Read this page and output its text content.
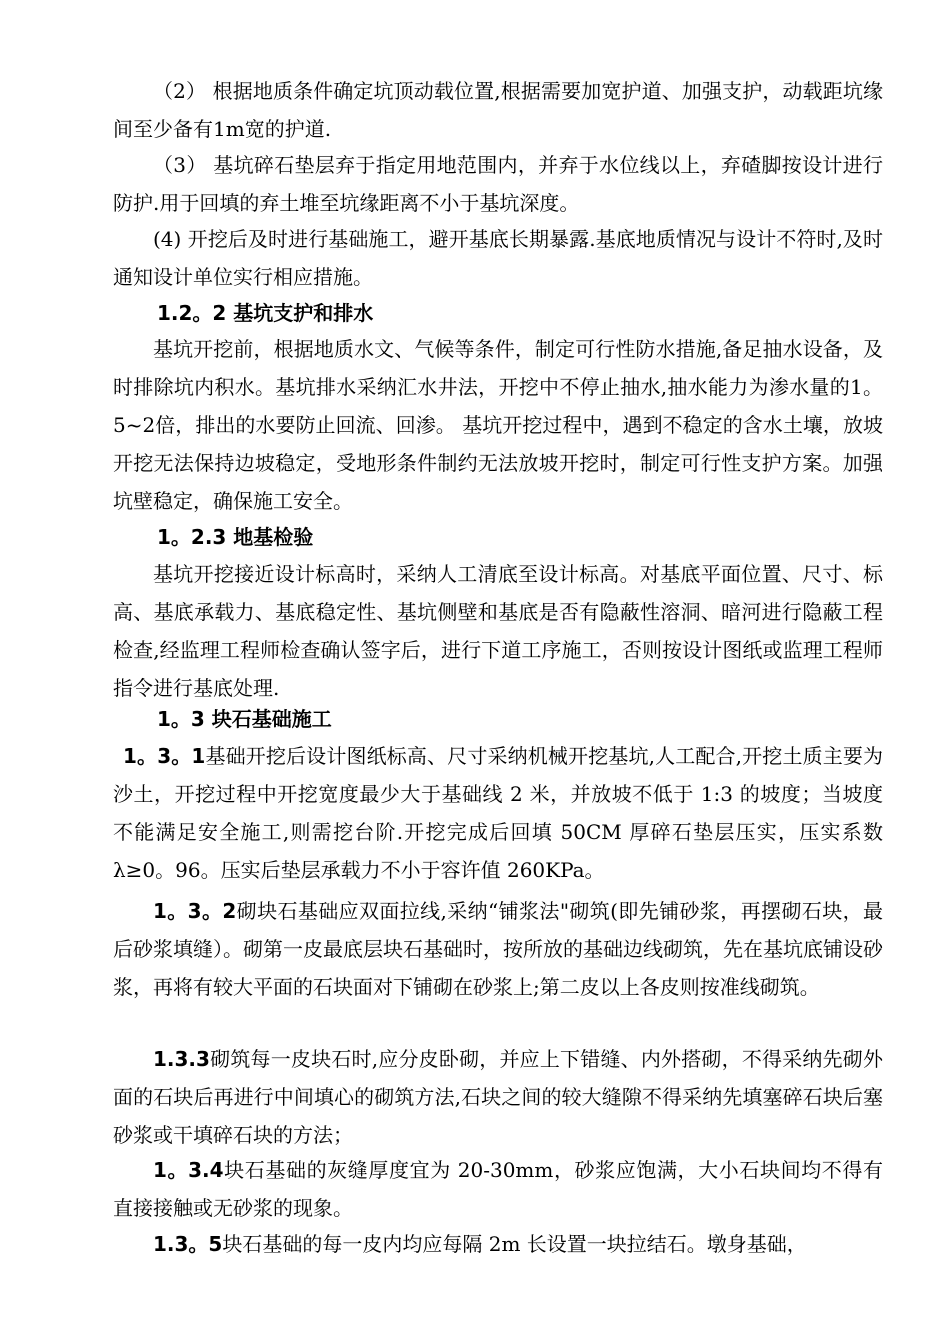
（2） 根据地质条件确定坑顶动载位置,根据需要加宽护道、加强支护，动载距坑缘间至少备有1m宽的护道.

（3） 基坑碎石垫层弃于指定用地范围内，并弃于水位线以上，弃碴脚按设计进行防护.用于回填的弃土堆至坑缘距离不小于基坑深度。

(4) 开挖后及时进行基础施工，避开基底长期暴露.基底地质情况与设计不符时,及时通知设计单位实行相应措施。

1.2。2 基坑支护和排水

基坑开挖前，根据地质水文、气候等条件，制定可行性防水措施,备足抽水设备，及时排除坑内积水。基坑排水采纳汇水井法，开挖中不停止抽水,抽水能力为渗水量的1。5~2倍，排出的水要防止回流、回渗。 基坑开挖过程中，遇到不稳定的含水土壤，放坡开挖无法保持边坡稳定，受地形条件制约无法放坡开挖时，制定可行性支护方案。加强坑壁稳定，确保施工安全。

1。2.3 地基检验

基坑开挖接近设计标高时，采纳人工清底至设计标高。对基底平面位置、尺寸、标高、基底承载力、基底稳定性、基坑侧壁和基底是否有隐蔽性溶洞、暗河进行隐蔽工程检查,经监理工程师检查确认签字后，进行下道工序施工，否则按设计图纸或监理工程师指令进行基底处理.

1。3 块石基础施工

1。3。1基础开挖后设计图纸标高、尺寸采纳机械开挖基坑,人工配合,开挖土质主要为沙土，开挖过程中开挖宽度最少大于基础线 2 米，并放坡不低于 1:3 的坡度；当坡度不能满足安全施工,则需挖台阶.开挖完成后回填 50CM 厚碎石垫层压实，压实系数 λ≥0。96。压实后垫层承载力不小于容许值 260KPa。

1。3。2砌块石基础应双面拉线,采纳“铺浆法"砌筑(即先铺砂浆，再摆砌石块，最后砂浆填缝）。砌第一皮最底层块石基础时，按所放的基础边线砌筑，先在基坑底铺设砂浆，再将有较大平面的石块面对下铺砌在砂浆上;第二皮以上各皮则按准线砌筑。

1.3.3砌筑每一皮块石时,应分皮卧砌，并应上下错缝、内外搭砌，不得采纳先砌外面的石块后再进行中间填心的砌筑方法,石块之间的较大缝隙不得采纳先填塞碎石块后塞砂浆或干填碎石块的方法；

1。3.4块石基础的灰缝厚度宜为 20-30mm，砂浆应饱满，大小石块间均不得有直接接触或无砂浆的现象。

1.3。5块石基础的每一皮内均应每隔 2m 长设置一块拉结石。墩身基础，
